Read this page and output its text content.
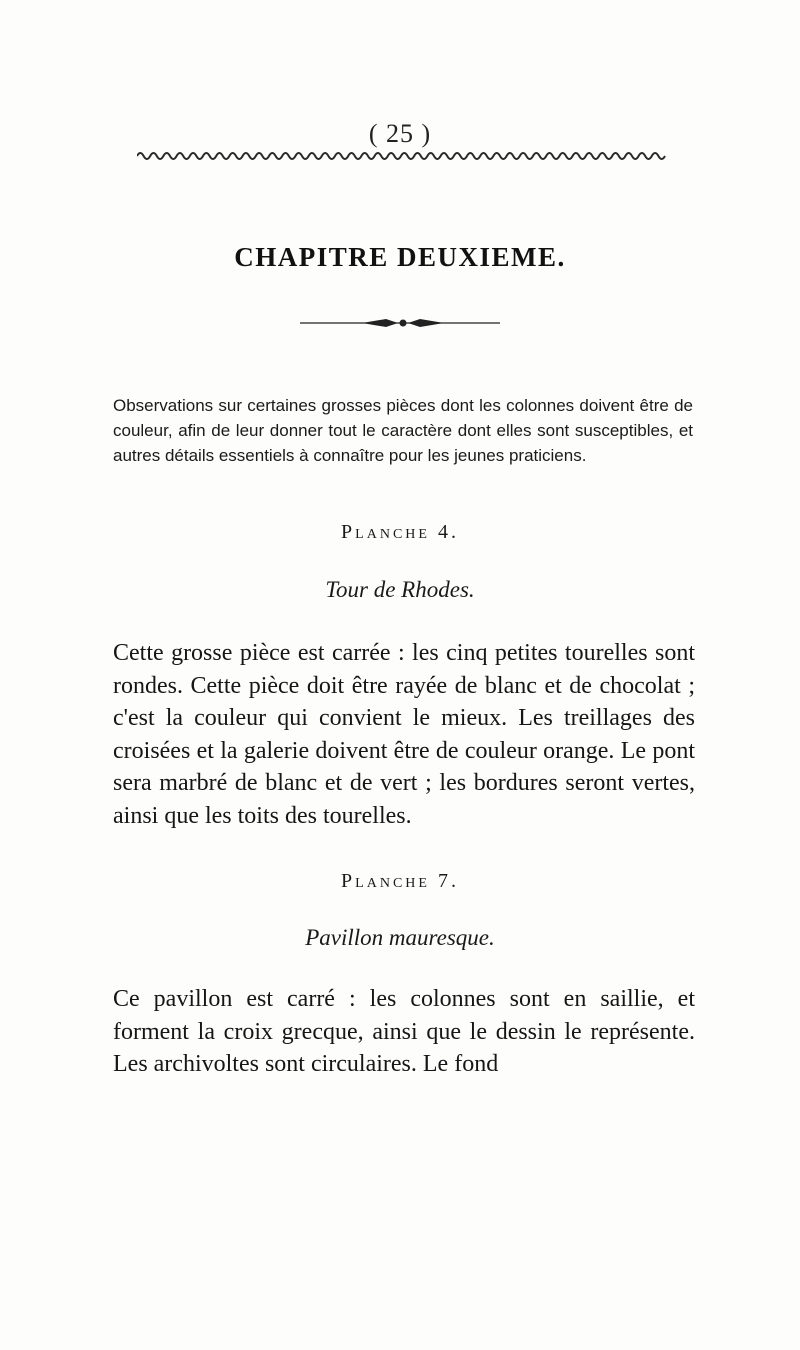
( 25 )
CHAPITRE DEUXIEME.
Observations sur certaines grosses pièces dont les colonnes doivent être de couleur, afin de leur donner tout le caractère dont elles sont susceptibles, et autres détails essentiels à connaître pour les jeunes praticiens.
Planche 4.
Tour de Rhodes.
Cette grosse pièce est carrée : les cinq petites tourelles sont rondes. Cette pièce doit être rayée de blanc et de chocolat ; c'est la couleur qui convient le mieux. Les treillages des croisées et la galerie doivent être de couleur orange. Le pont sera marbré de blanc et de vert ; les bordures seront vertes, ainsi que les toits des tourelles.
Planche 7.
Pavillon mauresque.
Ce pavillon est carré : les colonnes sont en saillie, et forment la croix grecque, ainsi que le dessin le représente. Les archivoltes sont circulaires. Le fond
